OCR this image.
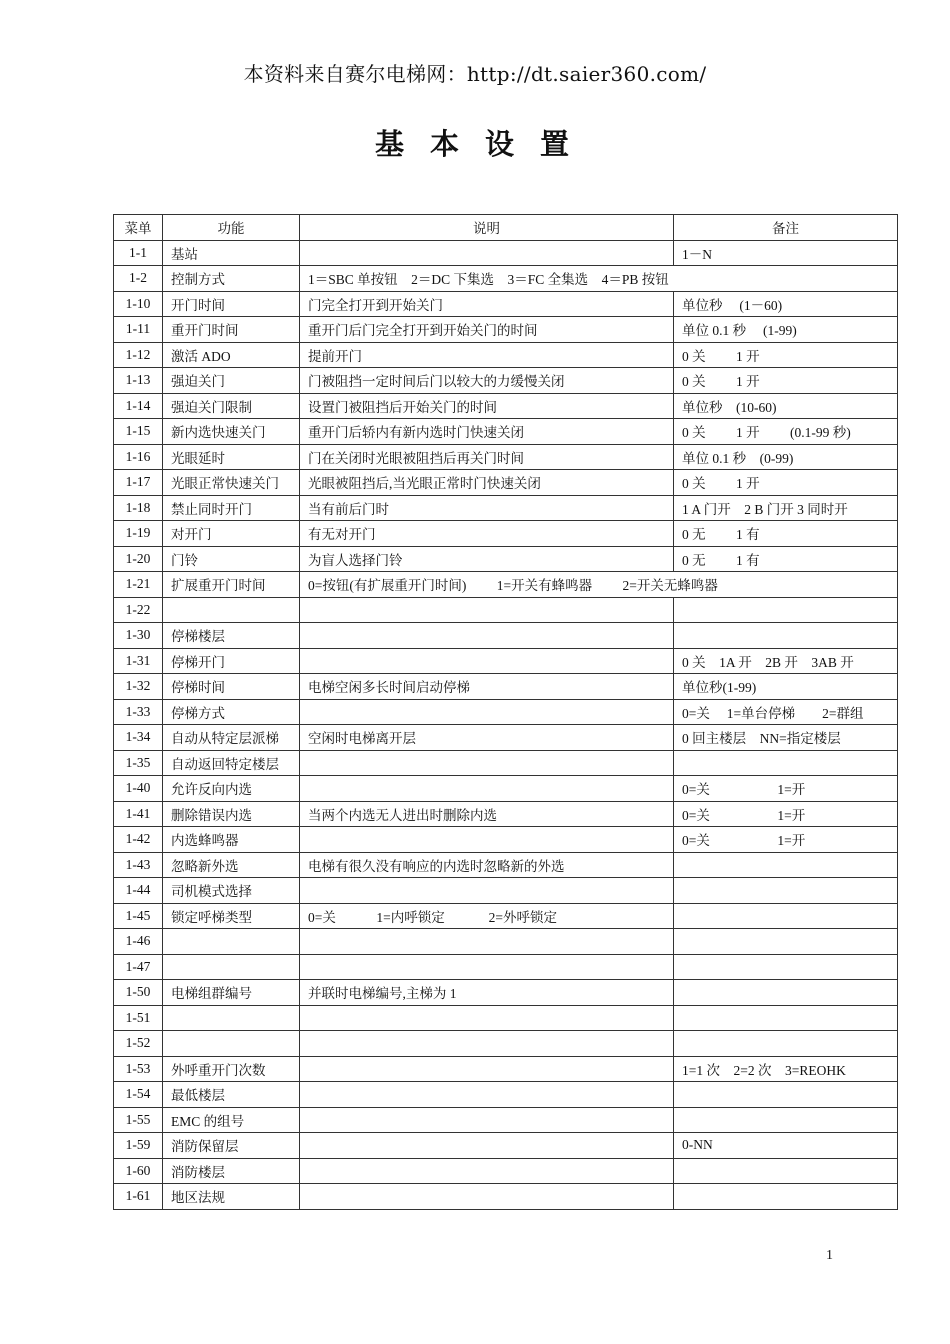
本资料来自赛尔电梯网：http://dt.saier360.com/
基本设置
菜单	功能	说明	备注
1-1	基站		1－N
1-2	控制方式	1＝SBC 单按钮　2＝DC 下集选　3＝FC 全集选　4＝PB 按钮	
1-10	开门时间	门完全打开到开始关门	单位秒　 (1－60)
1-11	重开门时间	重开门后门完全打开到开始关门的时间	单位 0.1 秒　 (1-99)
1-12	激活 ADO	提前开门	0 关　　 1 开
1-13	强迫关门	门被阻挡一定时间后门以较大的力缓慢关闭	0 关　　 1 开
1-14	强迫关门限制	设置门被阻挡后开始关门的时间	单位秒　(10-60)
1-15	新内选快速关门	重开门后轿内有新内选时门快速关闭	0 关　　 1 开　　 (0.1-99 秒)
1-16	光眼延时	门在关闭时光眼被阻挡后再关门时间	单位 0.1 秒　(0-99)
1-17	光眼正常快速关门	光眼被阻挡后,当光眼正常时门快速关闭	0 关　　 1 开
1-18	禁止同时开门	当有前后门时	1 A 门开　2 B 门开 3 同时开
1-19	对开门	有无对开门	0 无　　 1 有
1-20	门铃	为盲人选择门铃	0 无　　 1 有
1-21	扩展重开门时间	0=按钮(有扩展重开门时间)　　 1=开关有蜂鸣器　　 2=开关无蜂鸣器	
1-22			
1-30	停梯楼层		
1-31	停梯开门		0 关　1A 开　2B 开　3AB 开
1-32	停梯时间	电梯空闲多长时间启动停梯	单位秒(1-99)
1-33	停梯方式		0=关　 1=单台停梯　　2=群组
1-34	自动从特定层派梯	空闲时电梯离开层	0 回主楼层　NN=指定楼层
1-35	自动返回特定楼层		
1-40	允许反向内选		0=关　　　　　1=开
1-41	删除错误内选	当两个内选无人进出时删除内选	0=关　　　　　1=开
1-42	内选蜂鸣器		0=关　　　　　1=开
1-43	忽略新外选	电梯有很久没有响应的内选时忽略新的外选	
1-44	司机模式选择		
1-45	锁定呼梯类型	0=关　　　1=内呼锁定　　　 2=外呼锁定	
1-46			
1-47			
1-50	电梯组群编号	并联时电梯编号,主梯为 1	
1-51			
1-52			
1-53	外呼重开门次数		1=1 次　2=2 次　3=REOHK
1-54	最低楼层		
1-55	EMC 的组号		
1-59	消防保留层		0-NN
1-60	消防楼层		
1-61	地区法规		
1
